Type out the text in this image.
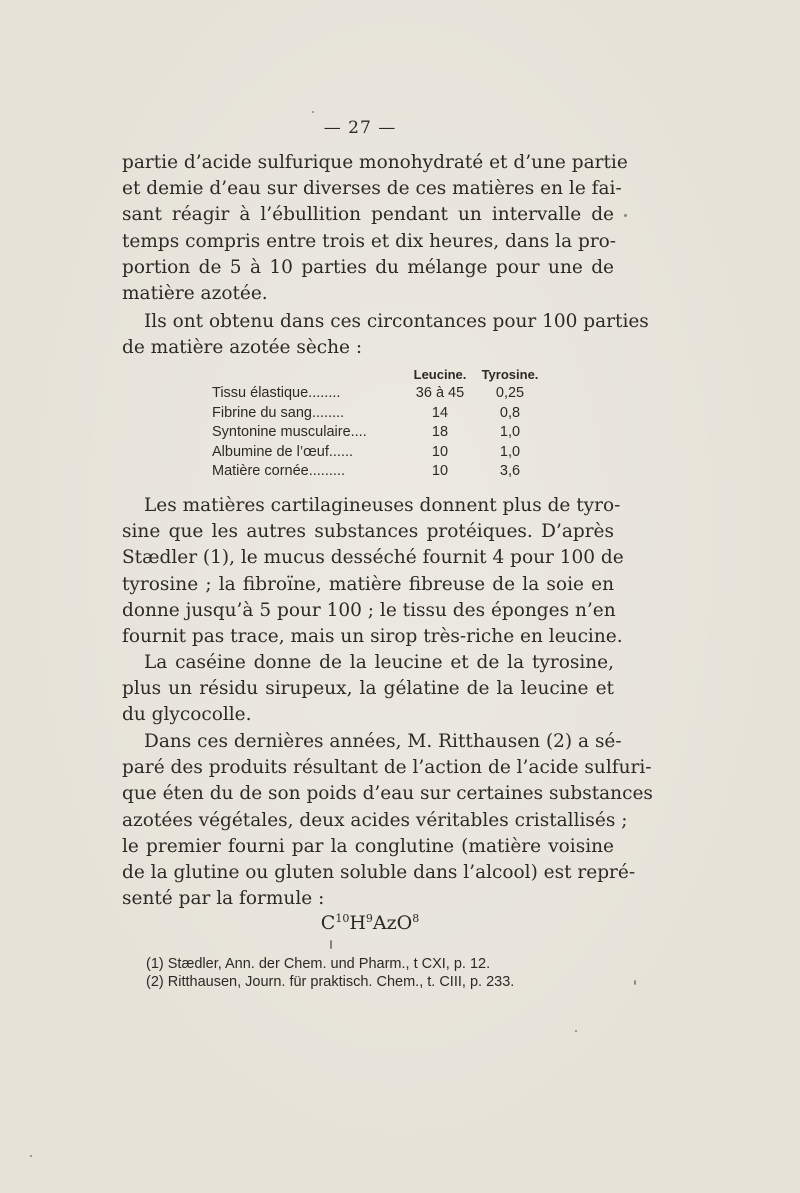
— 27 —

partie d’acide sulfurique monohydraté et d’une partie
et demie d’eau sur diverses de ces matières en le fai-
sant réagir à l’ébullition pendant un intervalle de
temps compris entre trois et dix heures, dans la pro-
portion de 5 à 10 parties du mélange pour une de
matière azotée.

Ils ont obtenu dans ces circontances pour 100 parties
de matière azotée sèche :

	Leucine.	Tyrosine.
Tissu élastique........	36 à 45	0,25
Fibrine du sang........	14	0,8
Syntonine musculaire....	18	1,0
Albumine de l’œuf......	10	1,0
Matière cornée.........	10	3,6

Les matières cartilagineuses donnent plus de tyro-
sine que les autres substances protéiques. D’après
Stædler (1), le mucus desséché fournit 4 pour 100 de
tyrosine ; la fibroïne, matière fibreuse de la soie en
donne jusqu’à 5 pour 100 ; le tissu des éponges n’en
fournit pas trace, mais un sirop très-riche en leucine.

La caséine donne de la leucine et de la tyrosine,
plus un résidu sirupeux, la gélatine de la leucine et
du glycocolle.

Dans ces dernières années, M. Ritthausen (2) a sé-
paré des produits résultant de l’action de l’acide sulfuri-
que éten du de son poids d’eau sur certaines substances
azotées végétales, deux acides véritables cristallisés ;
le premier fourni par la conglutine (matière voisine
de la glutine ou gluten soluble dans l’alcool) est repré-
senté par la formule :

$C^{10}H^9AzO^8$
(1) Stædler, Ann. der Chem. und Pharm., t CXI, p. 12.
(2) Ritthausen, Journ. für praktisch. Chem., t. CIII, p. 233.
